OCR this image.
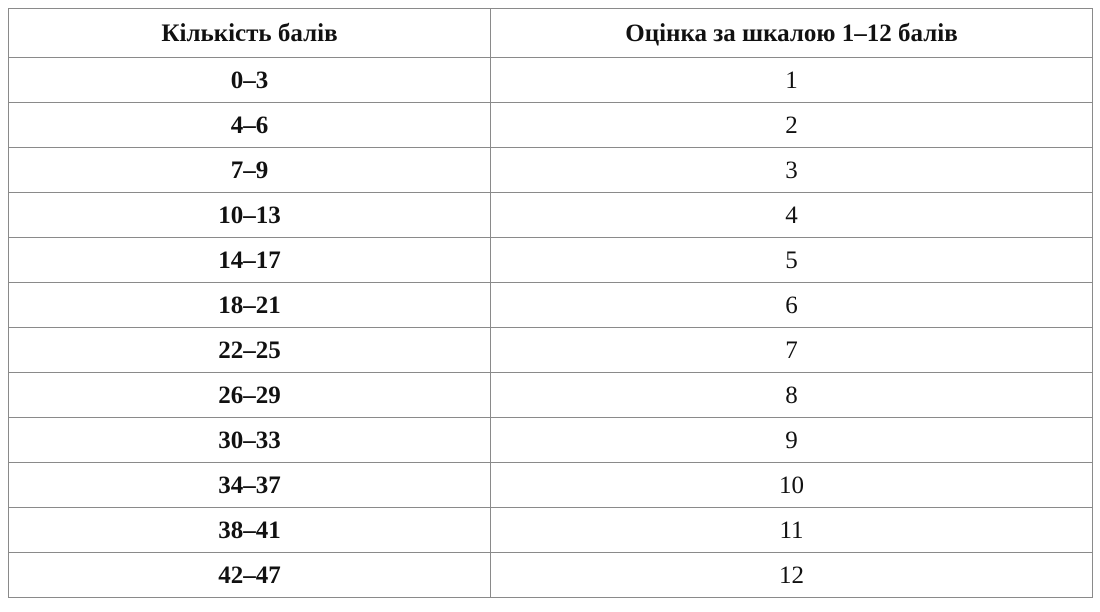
Кількість балів	Оцінка за шкалою 1–12 балів
0–3	1
4–6	2
7–9	3
10–13	4
14–17	5
18–21	6
22–25	7
26–29	8
30–33	9
34–37	10
38–41	11
42–47	12
